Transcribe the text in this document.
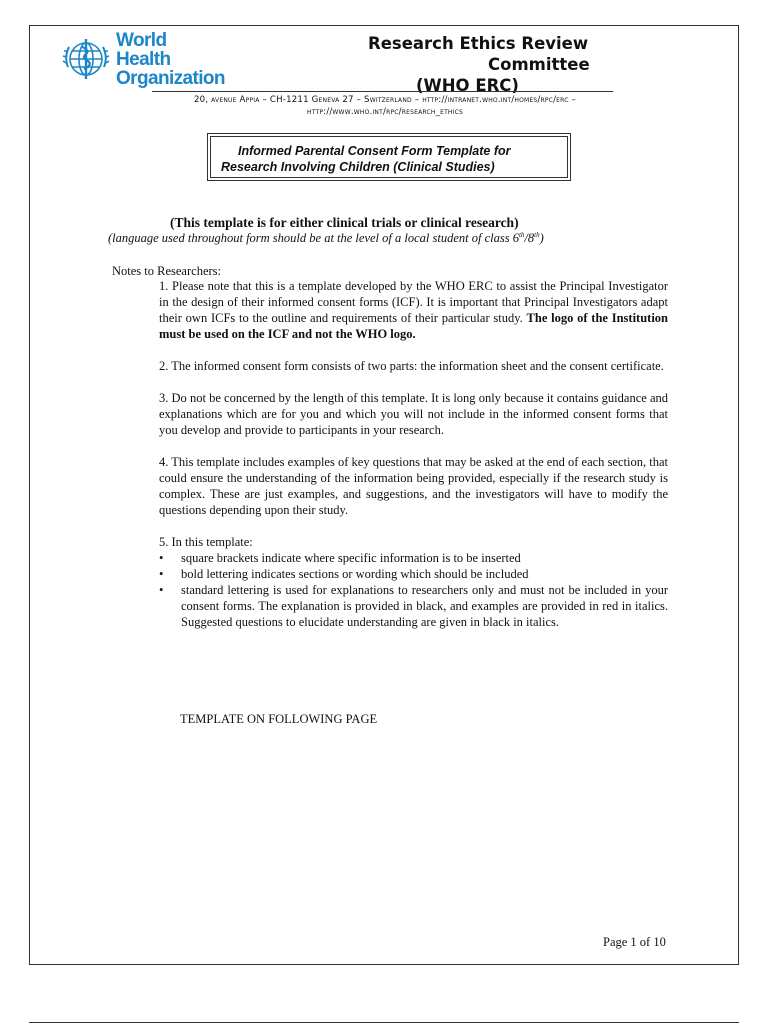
World Health
Organization
Research Ethics Review
Committee
(WHO ERC)
20, avenue Appia – CH-1211 Geneva 27 – Switzerland – http://intranet.who.int/homes/rpc/erc –
http://www.who.int/rpc/research_ethics
Informed Parental Consent Form Template for
Research Involving Children (Clinical Studies)
(This template is for either clinical trials or clinical research)
(language used throughout form should be at the level of a local student of class 6th/8th)
Notes to Researchers:

1. Please note that this is a template developed by the WHO ERC to assist the Principal Investigator in the design of their informed consent forms (ICF). It is important that Principal Investigators adapt their own ICFs to the outline and requirements of their particular study. The logo of the Institution must be used on the ICF and not the WHO logo.

2. The informed consent form consists of two parts: the information sheet and the consent certificate.

3. Do not be concerned by the length of this template. It is long only because it contains guidance and explanations which are for you and which you will not include in the informed consent forms that you develop and provide to participants in your research.

4. This template includes examples of key questions that may be asked at the end of each section, that could ensure the understanding of the information being provided, especially if the research study is complex. These are just examples, and suggestions, and the investigators will have to modify the questions depending upon their study.

5. In this template:
• square brackets indicate where specific information is to be inserted
• bold lettering indicates sections or wording which should be included
• standard lettering is used for explanations to researchers only and must not be included in your consent forms. The explanation is provided in black, and examples are provided in red in italics. Suggested questions to elucidate understanding are given in black in italics.
TEMPLATE ON FOLLOWING PAGE
Page 1 of 10
